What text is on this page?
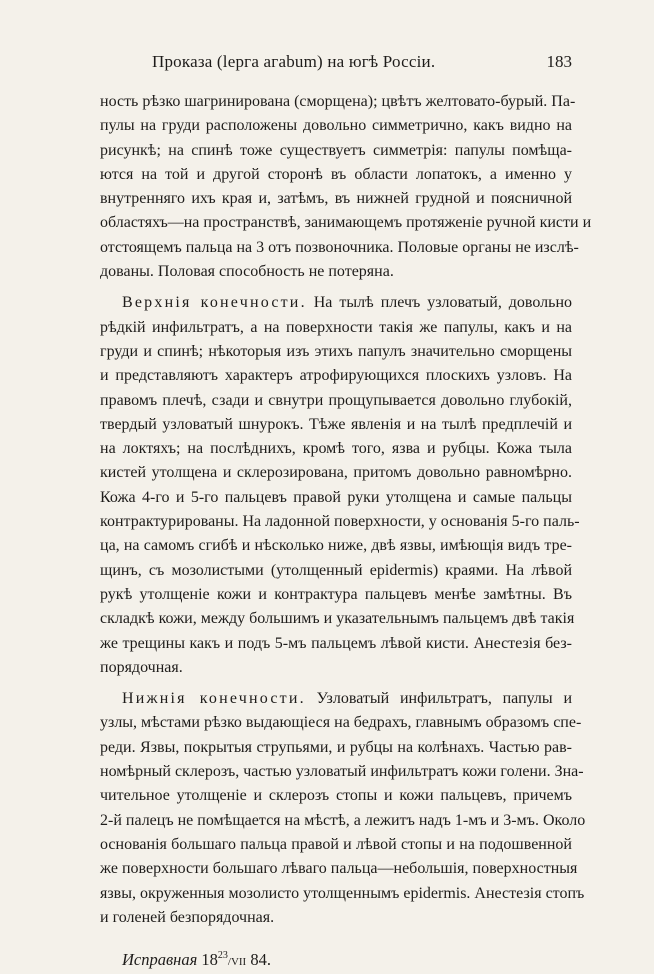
Проказа (lерга агаbum) на югѣ Россіи.	183
ность рѣзко шагринирована (сморщена); цвѣтъ желтовато-бурый. Па-
пулы на груди расположены довольно симметрично, какъ видно на
рисункѣ; на спинѣ тоже существуетъ симметрія: папулы помѣща-
ются на той и другой сторонѣ въ области лопатокъ, а именно у
внутренняго ихъ края и, затѣмъ, въ нижней грудной и поясничной
областяхъ—на пространствѣ, занимающемъ протяженіе ручной кисти и
отстоящемъ пальца на 3 отъ позвоночника. Половые органы не изслѣ-
дованы. Половая способность не потеряна.
Верхнія конечности. На тылѣ плечъ узловатый, довольно
рѣдкій инфильтратъ, а на поверхности такія же папулы, какъ и на
груди и спинѣ; нѣкоторыя изъ этихъ папулъ значительно сморщены
и представляютъ характеръ атрофирующихся плоскихъ узловъ. На
правомъ плечѣ, сзади и свнутри прощупывается довольно глубокій,
твердый узловатый шнурокъ. Тѣже явленія и на тылѣ предплечій и
на локтяхъ; на послѣднихъ, кромѣ того, язва и рубцы. Кожа тыла
кистей утолщена и склерозирована, притомъ довольно равномѣрно.
Кожа 4-го и 5-го пальцевъ правой руки утолщена и самые пальцы
контрактурированы. На ладонной поверхности, у основанія 5-го паль-
ца, на самомъ сгибѣ и нѣсколько ниже, двѣ язвы, имѣющія видъ тре-
щинъ, съ мозолистыми (утолщенный epidermis) краями. На лѣвой
рукѣ утолщеніе кожи и контрактура пальцевъ менѣе замѣтны. Въ
складкѣ кожи, между большимъ и указательнымъ пальцемъ двѣ такія
же трещины какъ и подъ 5-мъ пальцемъ лѣвой кисти. Анестезія без-
порядочная.
Нижнія конечности. Узловатый инфильтратъ, папулы и
узлы, мѣстами рѣзко выдающіеся на бедрахъ, главнымъ образомъ спе-
реди. Язвы, покрытыя струпьями, и рубцы на колѣнахъ. Частью рав-
номѣрный склерозъ, частью узловатый инфильтратъ кожи голени. Зна-
чительное утолщеніе и склерозъ стопы и кожи пальцевъ, причемъ
2-й палецъ не помѣщается на мѣстѣ, а лежитъ надъ 1-мъ и 3-мъ. Около
основанія большаго пальца правой и лѣвой стопы и на подошвенной
же поверхности большаго лѣваго пальца—небольшія, поверхностныя
язвы, окруженныя мозолисто утолщеннымъ epidermis. Анестезія стопъ
и голеней безпорядочная.
Исправная $18^{23}$/VII 84.
